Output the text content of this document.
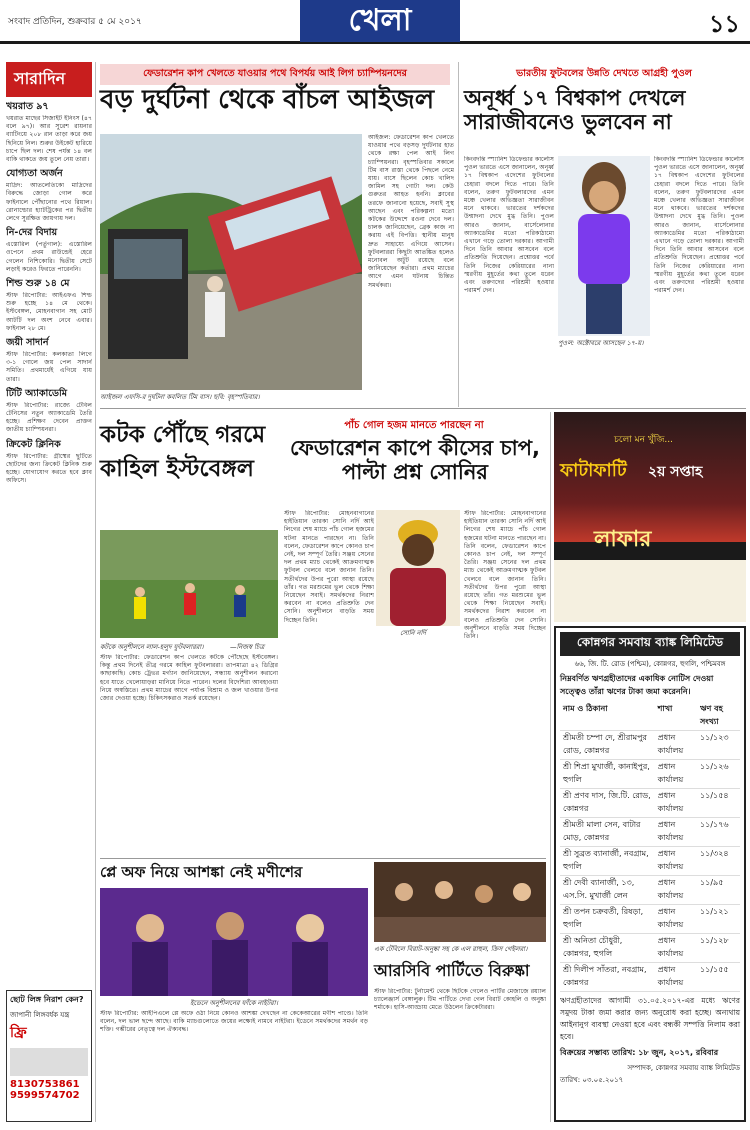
সংবাদ প্রতিদিন, শুক্রবার ৫ মে ২০১৭	খেলা	১১
সারাদিন
খয়রাত ৯৭
খয়রাত মাছের সিজাইট ইনিংস (৪৭ বলে ৯৭)। আর সুরেশ রায়নার ব্যাটিংয়ে ২০৮ রান তাড়া করে জয় ছিনিয়ে নিল। শুরুর উইকেট হারিয়ে চাপে ছিল দল। শেষ পর্যন্ত ১৪ বল বাকি থাকতে জয় তুলে নেয় তারা।
যোগ্যতা অর্জন
মাদ্রিদ: আতলেতিকো মাদ্রিদের বিরুদ্ধে জোড়া গোল করে ফাইনালে পৌঁছানোর পথে রিয়াল। রোনাল্ডোর হ্যাটট্রিকের পর দ্বিতীয় লেগে সুরক্ষিত জায়গায় দল।
নি-দের বিদায়
এস্তোরিল (পর্তুগাল): এস্তোরিল ওপেনে প্রথম রাউন্ডেই হেরে গেলেন নিশিকোরি। দ্বিতীয় সেটে লড়াই করেও ফিরতে পারেননি।
শিল্ড শুরু ১৪ মে
স্টাফ রিপোর্টার: আইএফএ শিল্ড শুরু হচ্ছে ১৪ মে থেকে। ইস্টবেঙ্গল, মোহনবাগান সহ মোট আটটি দল অংশ নেবে এবার। ফাইনাল ২৮ মে।
জয়ী সাদার্ন
স্টাফ রিপোর্টার: কলকাতা লিগে ৩-১ গোলে জয় পেল সাদার্ন সমিতি। প্রথমার্ধেই এগিয়ে যায় তারা।
টিটি অ্যাকাডেমি
স্টাফ রিপোর্টার: রাজ্যে টেবিল টেনিসের নতুন অ্যাকাডেমি তৈরি হচ্ছে। প্রশিক্ষণ দেবেন প্রাক্তন জাতীয় চ্যাম্পিয়নরা।
ক্রিকেট ক্লিনিক
স্টাফ রিপোর্টার: গ্রীষ্মের ছুটিতে ছোটদের জন্য ক্রিকেট ক্লিনিক শুরু হচ্ছে। যোগাযোগ করতে হবে ক্লাব অফিসে।
ফেডারেশন কাপ খেলতে যাওয়ার পথে বিপর্যয় আই লিগ চ্যাম্পিয়নদের
বড় দুর্ঘটনা থেকে বাঁচল আইজল
আইজল এফসি-র দুর্ঘটনা কবলিত টিম বাস। ছবি: বৃহস্পতিবার।
আইজল: ফেডারেশন কাপ খেলতে যাওয়ার পথে বড়সড় দুর্ঘটনার হাত থেকে রক্ষা পেল আই লিগ চ্যাম্পিয়নরা। বৃহস্পতিবার সকালে টিম বাস রাস্তা থেকে পিছলে নেমে যায়। বাসে ছিলেন কোচ খালিদ জামিল সহ গোটা দল। কেউ গুরুতর আহত হননি। ক্লাবের তরফে জানানো হয়েছে, সবাই সুস্থ আছেন এবং পরিকল্পনা মতো কটকের উদ্দেশে রওনা দেবে দল। চালক জানিয়েছেন, ব্রেক কাজ না করায় এই বিপত্তি। স্থানীয় মানুষ দ্রুত সাহায্যে এগিয়ে আসেন। ফুটবলাররা কিছুটা আতঙ্কিত হলেও মনোবল অটুট রয়েছে বলে জানিয়েছেন কর্তারা। প্রথম ম্যাচের আগে এমন ঘটনায় চিন্তিত সমর্থকরা।
ভারতীয় ফুটবলের উন্নতি দেখতে আগ্রহী পুওল
অনূর্ধ্ব ১৭ বিশ্বকাপ দেখলে সারাজীবনেও ভুলবেন না
কিংবদন্তি স্প্যানিশ ডিফেন্ডার কার্লোস পুওল ভারতে এসে জানালেন, অনূর্ধ্ব ১৭ বিশ্বকাপ এদেশের ফুটবলের চেহারা বদলে দিতে পারে। তিনি বলেন, তরুণ ফুটবলারদের এমন মঞ্চে খেলার অভিজ্ঞতা সারাজীবন মনে থাকবে। ভারতের দর্শকদের উন্মাদনা দেখে মুগ্ধ তিনি। পুওল আরও জানান, বার্সেলোনার অ্যাকাডেমির মতো পরিকাঠামো এখানে গড়ে তোলা দরকার। আগামী দিনে তিনি আবার আসবেন বলে প্রতিশ্রুতি দিয়েছেন। প্রশ্নোত্তর পর্বে তিনি নিজের কেরিয়ারের নানা স্মরণীয় মুহূর্তের কথা তুলে ধরেন এবং তরুণদের পরিশ্রমী হওয়ার পরামর্শ দেন।
পুওল: অক্টোবরে আসছেন ১৭-য়।
কিংবদন্তি স্প্যানিশ ডিফেন্ডার কার্লোস পুওল ভারতে এসে জানালেন, অনূর্ধ্ব ১৭ বিশ্বকাপ এদেশের ফুটবলের চেহারা বদলে দিতে পারে। তিনি বলেন, তরুণ ফুটবলারদের এমন মঞ্চে খেলার অভিজ্ঞতা সারাজীবন মনে থাকবে। ভারতের দর্শকদের উন্মাদনা দেখে মুগ্ধ তিনি। পুওল আরও জানান, বার্সেলোনার অ্যাকাডেমির মতো পরিকাঠামো এখানে গড়ে তোলা দরকার। আগামী দিনে তিনি আবার আসবেন বলে প্রতিশ্রুতি দিয়েছেন। প্রশ্নোত্তর পর্বে তিনি নিজের কেরিয়ারের নানা স্মরণীয় মুহূর্তের কথা তুলে ধরেন এবং তরুণদের পরিশ্রমী হওয়ার পরামর্শ দেন।
কটক পৌঁছে গরমে কাহিল ইস্টবেঙ্গল
কটকে অনুশীলনে লাল-হলুদ ফুটবলাররা।	—নিজস্ব চিত্র
স্টাফ রিপোর্টার: ফেডারেশন কাপ খেলতে কটকে পৌঁছেছে ইস্টবেঙ্গল। কিন্তু প্রথম দিনেই তীব্র গরমে কাহিল ফুটবলাররা। তাপমাত্রা ৪২ ডিগ্রির কাছাকাছি। কোচ ট্রেভর মর্গ্যান জানিয়েছেন, সন্ধ্যায় অনুশীলন করানো হবে যাতে খেলোয়াড়রা মানিয়ে নিতে পারেন। দলের বিদেশিরা আবহাওয়া নিয়ে অস্বস্তিতে। প্রথম ম্যাচের আগে পর্যাপ্ত বিশ্রাম ও জল খাওয়ার উপর জোর দেওয়া হচ্ছে। চিকিৎসকরাও সতর্ক রয়েছেন।
পাঁচ গোল হজম মানতে পারছেন না
ফেডারেশন কাপে কীসের চাপ, পাল্টা প্রশ্ন সোনির
স্টাফ রিপোর্টার: মোহনবাগানের হাইতিয়ান তারকা সোনি নর্দি আই লিগের শেষ ম্যাচে পাঁচ গোল হজমের ঘটনা মানতে পারছেন না। তিনি বলেন, ফেডারেশন কাপে কোনও চাপ নেই, দল সম্পূর্ণ তৈরি। সঞ্জয় সেনের দল প্রথম ম্যাচ থেকেই আক্রমণাত্মক ফুটবল খেলবে বলে জানান তিনি। সতীর্থদের উপর পুরো আস্থা রয়েছে তাঁর। গত মরশুমের ভুল থেকে শিক্ষা নিয়েছেন সবাই। সমর্থকদের নিরাশ করবেন না বলেও প্রতিশ্রুতি দেন সোনি। অনুশীলনে বাড়তি সময় দিচ্ছেন তিনি।
সোনি নর্দি
স্টাফ রিপোর্টার: মোহনবাগানের হাইতিয়ান তারকা সোনি নর্দি আই লিগের শেষ ম্যাচে পাঁচ গোল হজমের ঘটনা মানতে পারছেন না। তিনি বলেন, ফেডারেশন কাপে কোনও চাপ নেই, দল সম্পূর্ণ তৈরি। সঞ্জয় সেনের দল প্রথম ম্যাচ থেকেই আক্রমণাত্মক ফুটবল খেলবে বলে জানান তিনি। সতীর্থদের উপর পুরো আস্থা রয়েছে তাঁর। গত মরশুমের ভুল থেকে শিক্ষা নিয়েছেন সবাই। সমর্থকদের নিরাশ করবেন না বলেও প্রতিশ্রুতি দেন সোনি। অনুশীলনে বাড়তি সময় দিচ্ছেন তিনি।
চলো মন খুঁজি...
ফাটাফাটি ২য় সপ্তাহ
লাফার
কোন্নগর সমবায় ব্যাঙ্ক লিমিটেড
৬৬, জি. টি. রোড (পশ্চিম), কোন্নগর, হুগলি, পশ্চিমবঙ্গ
নিম্নবর্ণিত ঋণগ্রহীতাদের একাধিক নোটিস দেওয়া সত্ত্বেও তাঁরা ঋণের টাকা জমা করেননি।
নাম ও ঠিকানা	শাখা	ঋণ বহ সংখ্যা
শ্রীমতী চম্পা দে, শ্রীরামপুর রোড, কোন্নগর	প্রধান কার্যালয়	১১/১২৩
শ্রী শিপ্রা মুখার্জী, কানাইপুর, হুগলি	প্রধান কার্যালয়	১১/১২৬
শ্রী প্রণব দাস, জি.টি. রোড, কোন্নগর	প্রধান কার্যালয়	১১/১৫৪
শ্রীমতী মালা সেন, বাটার মোড়, কোন্নগর	প্রধান কার্যালয়	১১/১৭৬
শ্রী সুব্রত ব্যানার্জী, নবগ্রাম, হুগলি	প্রধান কার্যালয়	১১/৩২৪
শ্রী দেবী ব্যানার্জী, ১৩, এস.সি. মুখার্জী লেন	প্রধান কার্যালয়	১১/৯৫
শ্রী তপন চক্রবর্তী, রিষড়া, হুগলি	প্রধান কার্যালয়	১১/১২১
শ্রী অনিতা চৌধুরী, কোন্নগর, হুগলি	প্রধান কার্যালয়	১১/১২৮
শ্রী দিলীপ সাঁতরা, নবগ্রাম, কোন্নগর	প্রধান কার্যালয়	১১/১৫৫
ঋণগ্রহীতাদের আগামী ৩১.০৫.২০১৭-এর মধ্যে ঋণের সমুদয় টাকা জমা করার জন্য অনুরোধ করা হচ্ছে। অন্যথায় আইনানুগ ব্যবস্থা নেওয়া হবে এবং বন্ধকী সম্পত্তি নিলাম করা হবে।
বিক্রয়ের সম্ভাব্য তারিখ: ১৮ জুন, ২০১৭, রবিবার
সম্পাদক, কোন্নগর সমবায় ব্যাঙ্ক লিমিটেড
তারিখ: ০৩.০৫.২০১৭
প্লে অফ নিয়ে আশঙ্কা নেই মণীশের
ইডেনে অনুশীলনের ফাঁকে নাইটরা।
স্টাফ রিপোর্টার: আইপিএলে প্লে অফে ওঠা নিয়ে কোনও আশঙ্কা দেখছেন না কেকেআরের মণীশ পাণ্ডে। তিনি বলেন, দল ভাল ছন্দে আছে। বাকি ম্যাচগুলোতে জয়ের লক্ষ্যেই নামবে নাইটরা। ইডেনে সমর্থকদের সমর্থন বড় শক্তি। গম্ভীরের নেতৃত্বে দল ঐক্যবদ্ধ।
এক টেবিলে বিরাট-অনুষ্কা সহ কে এল রাহুল, ক্রিস গেইলরা।
আরসিবি পার্টিতে বিরুষ্কা
স্টাফ রিপোর্টার: টুর্নামেন্ট থেকে ছিটকে গেলেও পার্টির মেজাজে রয়্যাল চ্যালেঞ্জার্স বেঙ্গালুরু। টিম পার্টিতে দেখা গেল বিরাট কোহলি ও অনুষ্কা শর্মাকে। হাসি-আড্ডায় মেতে উঠলেন ক্রিকেটাররা।
ছোট লিঙ্গ নিরাশ কেন?
জাপানী লিঙ্গবর্ধক যন্ত্র
ফ্রি
8130753861
9599574702
